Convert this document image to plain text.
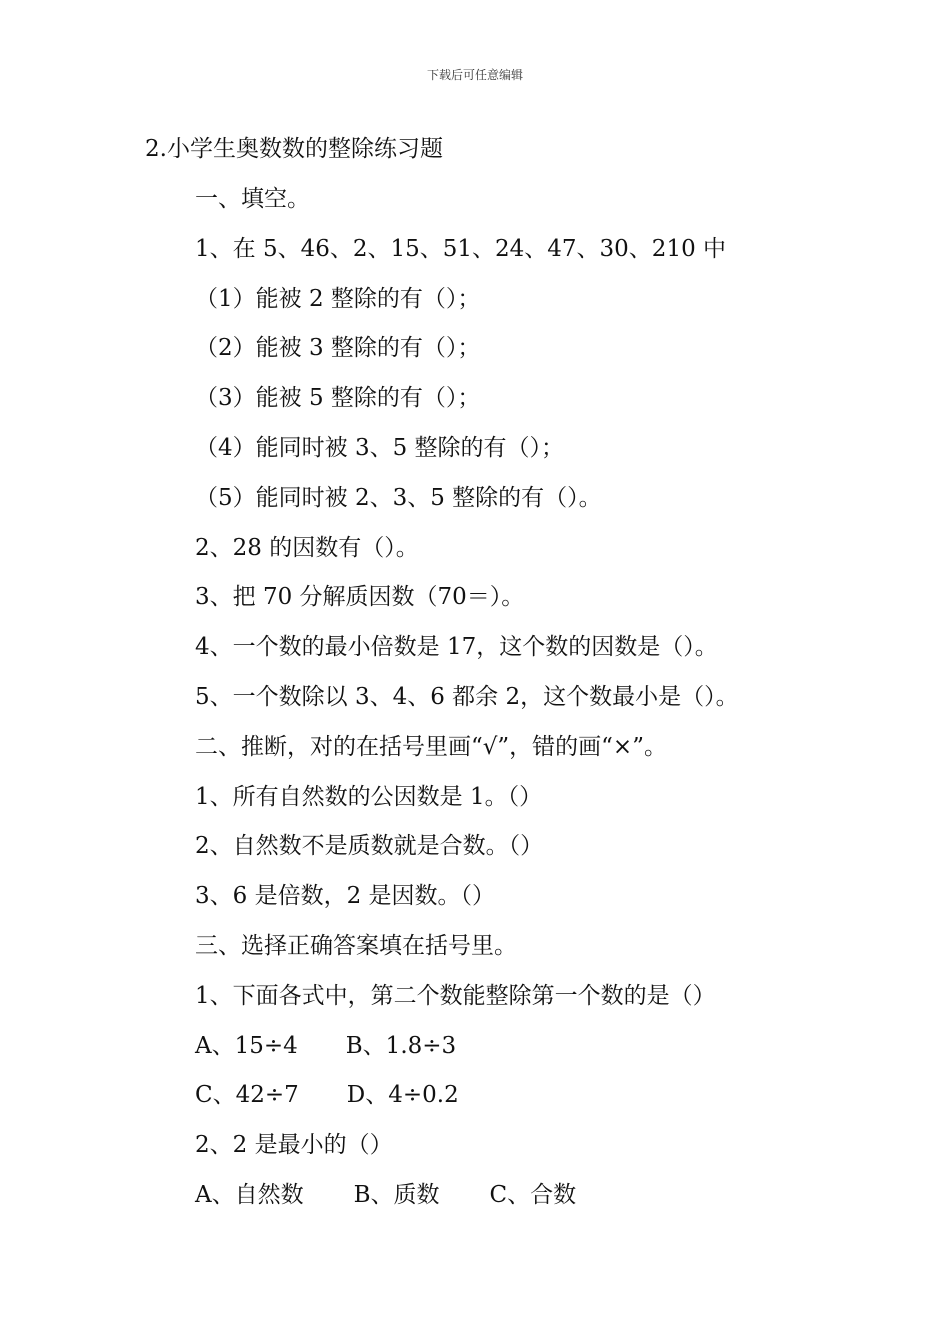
下载后可任意编辑
2.小学生奥数数的整除练习题
一、填空。
1、在 5、46、2、15、51、24、47、30、210 中
（1）能被 2 整除的有（）；
（2）能被 3 整除的有（）；
（3）能被 5 整除的有（）；
（4）能同时被 3、5 整除的有（）；
（5）能同时被 2、3、5 整除的有（）。
2、28 的因数有（）。
3、把 70 分解质因数（70＝）。
4、一个数的最小倍数是 17，这个数的因数是（）。
5、一个数除以 3、4、6 都余 2，这个数最小是（）。
二、推断，对的在括号里画“√”，错的画“×”。
1、所有自然数的公因数是 1。（）
2、自然数不是质数就是合数。（）
3、6 是倍数，2 是因数。（）
三、选择正确答案填在括号里。
1、下面各式中，第二个数能整除第一个数的是（）
A、15÷4 B、1.8÷3
C、42÷7 D、4÷0.2
2、2 是最小的（）
A、自然数 B、质数 C、合数
